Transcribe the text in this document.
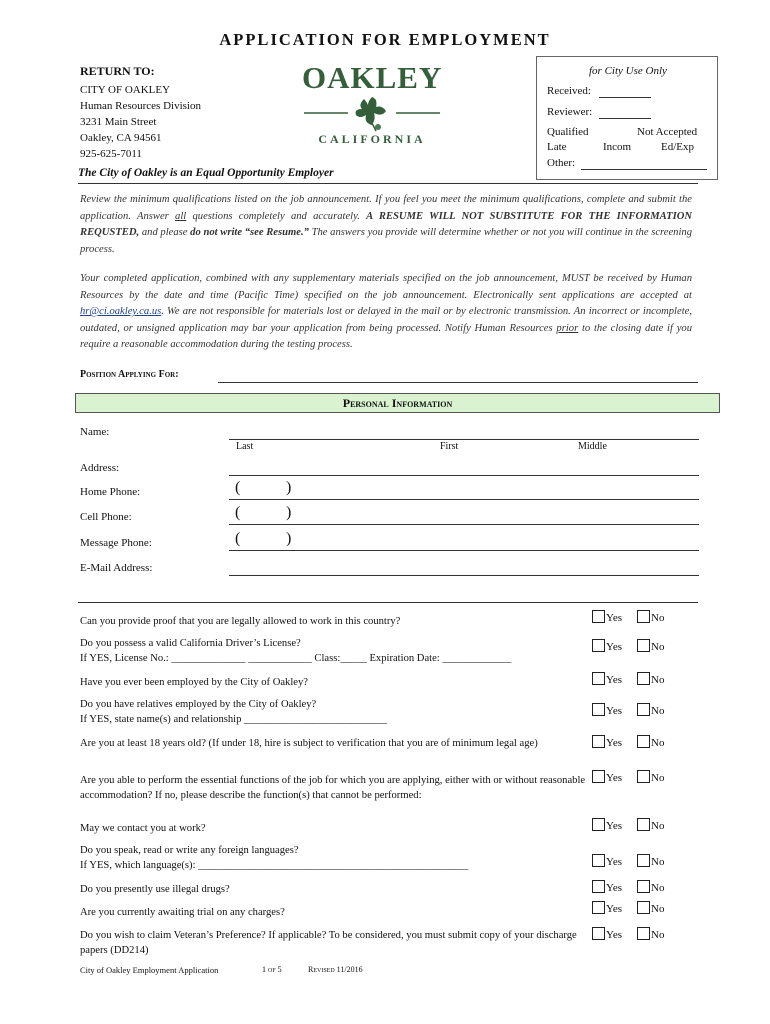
APPLICATION FOR EMPLOYMENT
RETURN TO:
CITY OF OAKLEY
Human Resources Division
3231 Main Street
Oakley, CA 94561
925-625-7011
OAKLEY
CALIFORNIA
for City Use Only
Received:
Reviewer:
Qualified	Not Accepted
Late	Incom	Ed/Exp
Other:
The City of Oakley is an Equal Opportunity Employer
Review the minimum qualifications listed on the job announcement. If you feel you meet the minimum qualifications, complete and submit the application. Answer all questions completely and accurately. A RESUME WILL NOT SUBSTITUTE FOR THE INFORMATION REQUSTED, and please do not write “see Resume.” The answers you provide will determine whether or not you will continue in the screening process.
Your completed application, combined with any supplementary materials specified on the job announcement, MUST be received by Human Resources by the date and time (Pacific Time) specified on the job announcement. Electronically sent applications are accepted at hr@ci.oakley.ca.us. We are not responsible for materials lost or delayed in the mail or by electronic transmission. An incorrect or incomplete, outdated, or unsigned application may bar your application from being processed. Notify Human Resources prior to the closing date if you require a reasonable accommodation during the testing process.
Position Applying For:
Personal Information
Name:
Last	First	Middle
Address:
Home Phone:	(	)
Cell Phone:	(	)
Message Phone:	(	)
E-Mail Address:
Can you provide proof that you are legally allowed to work in this country?	Yes	No
Do you possess a valid California Driver’s License?
If YES, License No.: ______________ ____________ Class:_____ Expiration Date: _____________
Yes	No
Have you ever been employed by the City of Oakley?	Yes	No
Do you have relatives employed by the City of Oakley?
If YES, state name(s) and relationship ___________________________
Yes	No
Are you at least 18 years old? (If under 18, hire is subject to verification that you are of minimum legal age)	Yes	No
Are you able to perform the essential functions of the job for which you are applying, either with or without reasonable accommodation? If no, please describe the function(s) that cannot be performed:
Yes	No
May we contact you at work?	Yes	No
Do you speak, read or write any foreign languages?
If YES, which language(s): ___________________________________________________	Yes	No
Do you presently use illegal drugs?	Yes	No
Are you currently awaiting trial on any charges?	Yes	No
Do you wish to claim Veteran’s Preference? If applicable? To be considered, you must submit copy of your discharge papers (DD214)
Yes	No
City of Oakley Employment Application	1 of 5	Revised 11/2016
